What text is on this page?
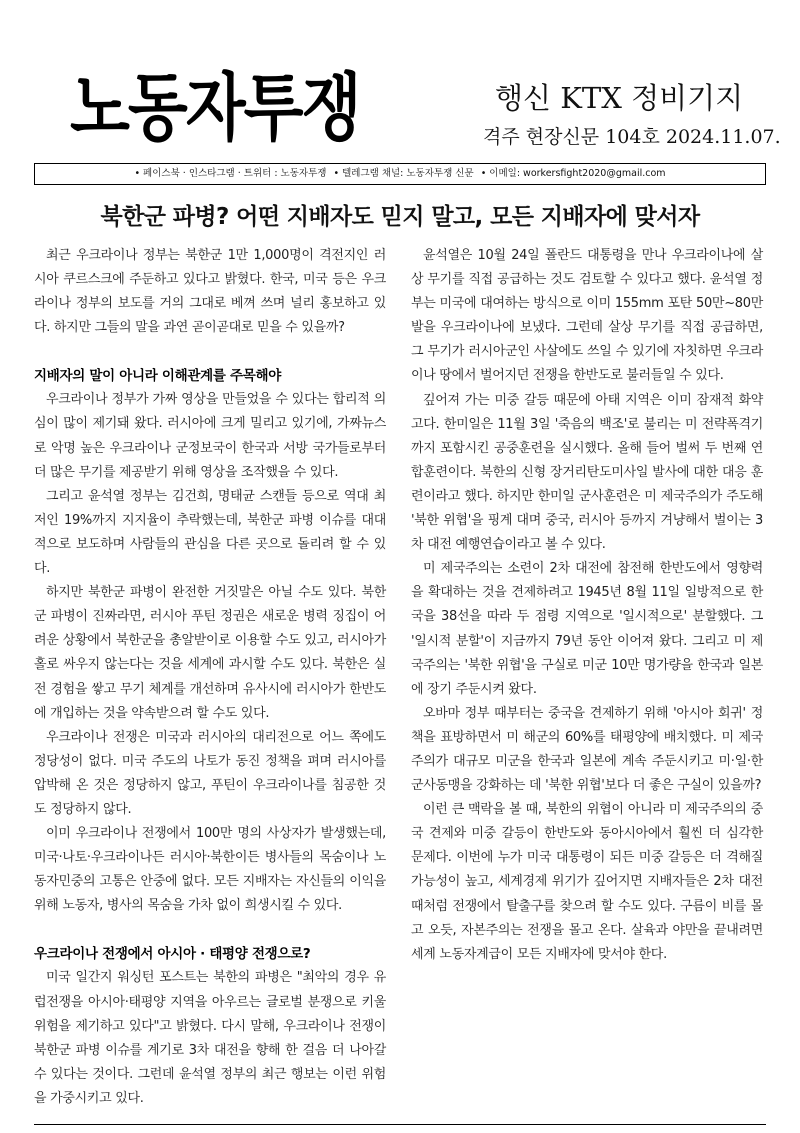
노동자투쟁	행신 KTX 정비기지
격주 현장신문 104호 2024.11.07.
• 페이스북 · 인스타그램 · 트위터 : 노동자투쟁 • 텔레그램 채널: 노동자투쟁 신문 • 이메일: workersfight2020@gmail.com
북한군 파병? 어떤 지배자도 믿지 말고, 모든 지배자에 맞서자

최근 우크라이나 정부는 북한군 1만 1,000명이 격전지인 러시아 쿠르스크에 주둔하고 있다고 밝혔다. 한국, 미국 등은 우크라이나 정부의 보도를 거의 그대로 베껴 쓰며 널리 홍보하고 있다. 하지만 그들의 말을 과연 곧이곧대로 믿을 수 있을까?

지배자의 말이 아니라 이해관계를 주목해야

우크라이나 정부가 가짜 영상을 만들었을 수 있다는 합리적 의심이 많이 제기돼 왔다. 러시아에 크게 밀리고 있기에, 가짜뉴스로 악명 높은 우크라이나 군정보국이 한국과 서방 국가들로부터 더 많은 무기를 제공받기 위해 영상을 조작했을 수 있다.

그리고 윤석열 정부는 김건희, 명태균 스캔들 등으로 역대 최저인 19%까지 지지율이 추락했는데, 북한군 파병 이슈를 대대적으로 보도하며 사람들의 관심을 다른 곳으로 돌리려 할 수 있다.

하지만 북한군 파병이 완전한 거짓말은 아닐 수도 있다. 북한군 파병이 진짜라면, 러시아 푸틴 정권은 새로운 병력 징집이 어려운 상황에서 북한군을 총알받이로 이용할 수도 있고, 러시아가 홀로 싸우지 않는다는 것을 세계에 과시할 수도 있다. 북한은 실전 경험을 쌓고 무기 체계를 개선하며 유사시에 러시아가 한반도에 개입하는 것을 약속받으려 할 수도 있다.

우크라이나 전쟁은 미국과 러시아의 대리전으로 어느 쪽에도 정당성이 없다. 미국 주도의 나토가 동진 정책을 펴며 러시아를 압박해 온 것은 정당하지 않고, 푸틴이 우크라이나를 침공한 것도 정당하지 않다.

이미 우크라이나 전쟁에서 100만 명의 사상자가 발생했는데, 미국·나토·우크라이나든 러시아·북한이든 병사들의 목숨이나 노동자민중의 고통은 안중에 없다. 모든 지배자는 자신들의 이익을 위해 노동자, 병사의 목숨을 가차 없이 희생시킬 수 있다.

우크라이나 전쟁에서 아시아 · 태평양 전쟁으로?

미국 일간지 워싱턴 포스트는 북한의 파병은 "최악의 경우 유럽전쟁을 아시아·태평양 지역을 아우르는 글로벌 분쟁으로 키울 위험을 제기하고 있다"고 밝혔다. 다시 말해, 우크라이나 전쟁이 북한군 파병 이슈를 계기로 3차 대전을 향해 한 걸음 더 나아갈 수 있다는 것이다. 그런데 윤석열 정부의 최근 행보는 이런 위험을 가중시키고 있다.

윤석열은 10월 24일 폴란드 대통령을 만나 우크라이나에 살상 무기를 직접 공급하는 것도 검토할 수 있다고 했다. 윤석열 정부는 미국에 대여하는 방식으로 이미 155mm 포탄 50만~80만 발을 우크라이나에 보냈다. 그런데 살상 무기를 직접 공급하면, 그 무기가 러시아군인 사살에도 쓰일 수 있기에 자칫하면 우크라이나 땅에서 벌어지던 전쟁을 한반도로 불러들일 수 있다.

깊어져 가는 미중 갈등 때문에 아태 지역은 이미 잠재적 화약고다. 한미일은 11월 3일 '죽음의 백조'로 불리는 미 전략폭격기까지 포함시킨 공중훈련을 실시했다. 올해 들어 벌써 두 번째 연합훈련이다. 북한의 신형 장거리탄도미사일 발사에 대한 대응 훈련이라고 했다. 하지만 한미일 군사훈련은 미 제국주의가 주도해 '북한 위협'을 핑계 대며 중국, 러시아 등까지 겨냥해서 벌이는 3차 대전 예행연습이라고 볼 수 있다.

미 제국주의는 소련이 2차 대전에 참전해 한반도에서 영향력을 확대하는 것을 견제하려고 1945년 8월 11일 일방적으로 한국을 38선을 따라 두 점령 지역으로 '일시적으로' 분할했다. 그 '일시적 분할'이 지금까지 79년 동안 이어져 왔다. 그리고 미 제국주의는 '북한 위협'을 구실로 미군 10만 명가량을 한국과 일본에 장기 주둔시켜 왔다.

오바마 정부 때부터는 중국을 견제하기 위해 '아시아 회귀' 정책을 표방하면서 미 해군의 60%를 태평양에 배치했다. 미 제국주의가 대규모 미군을 한국과 일본에 계속 주둔시키고 미·일·한 군사동맹을 강화하는 데 '북한 위협'보다 더 좋은 구실이 있을까?

이런 큰 맥락을 볼 때, 북한의 위협이 아니라 미 제국주의의 중국 견제와 미중 갈등이 한반도와 동아시아에서 훨씬 더 심각한 문제다. 이번에 누가 미국 대통령이 되든 미중 갈등은 더 격해질 가능성이 높고, 세계경제 위기가 깊어지면 지배자들은 2차 대전 때처럼 전쟁에서 탈출구를 찾으려 할 수도 있다. 구름이 비를 몰고 오듯, 자본주의는 전쟁을 몰고 온다. 살육과 야만을 끝내려면 세계 노동자계급이 모든 지배자에 맞서야 한다.
